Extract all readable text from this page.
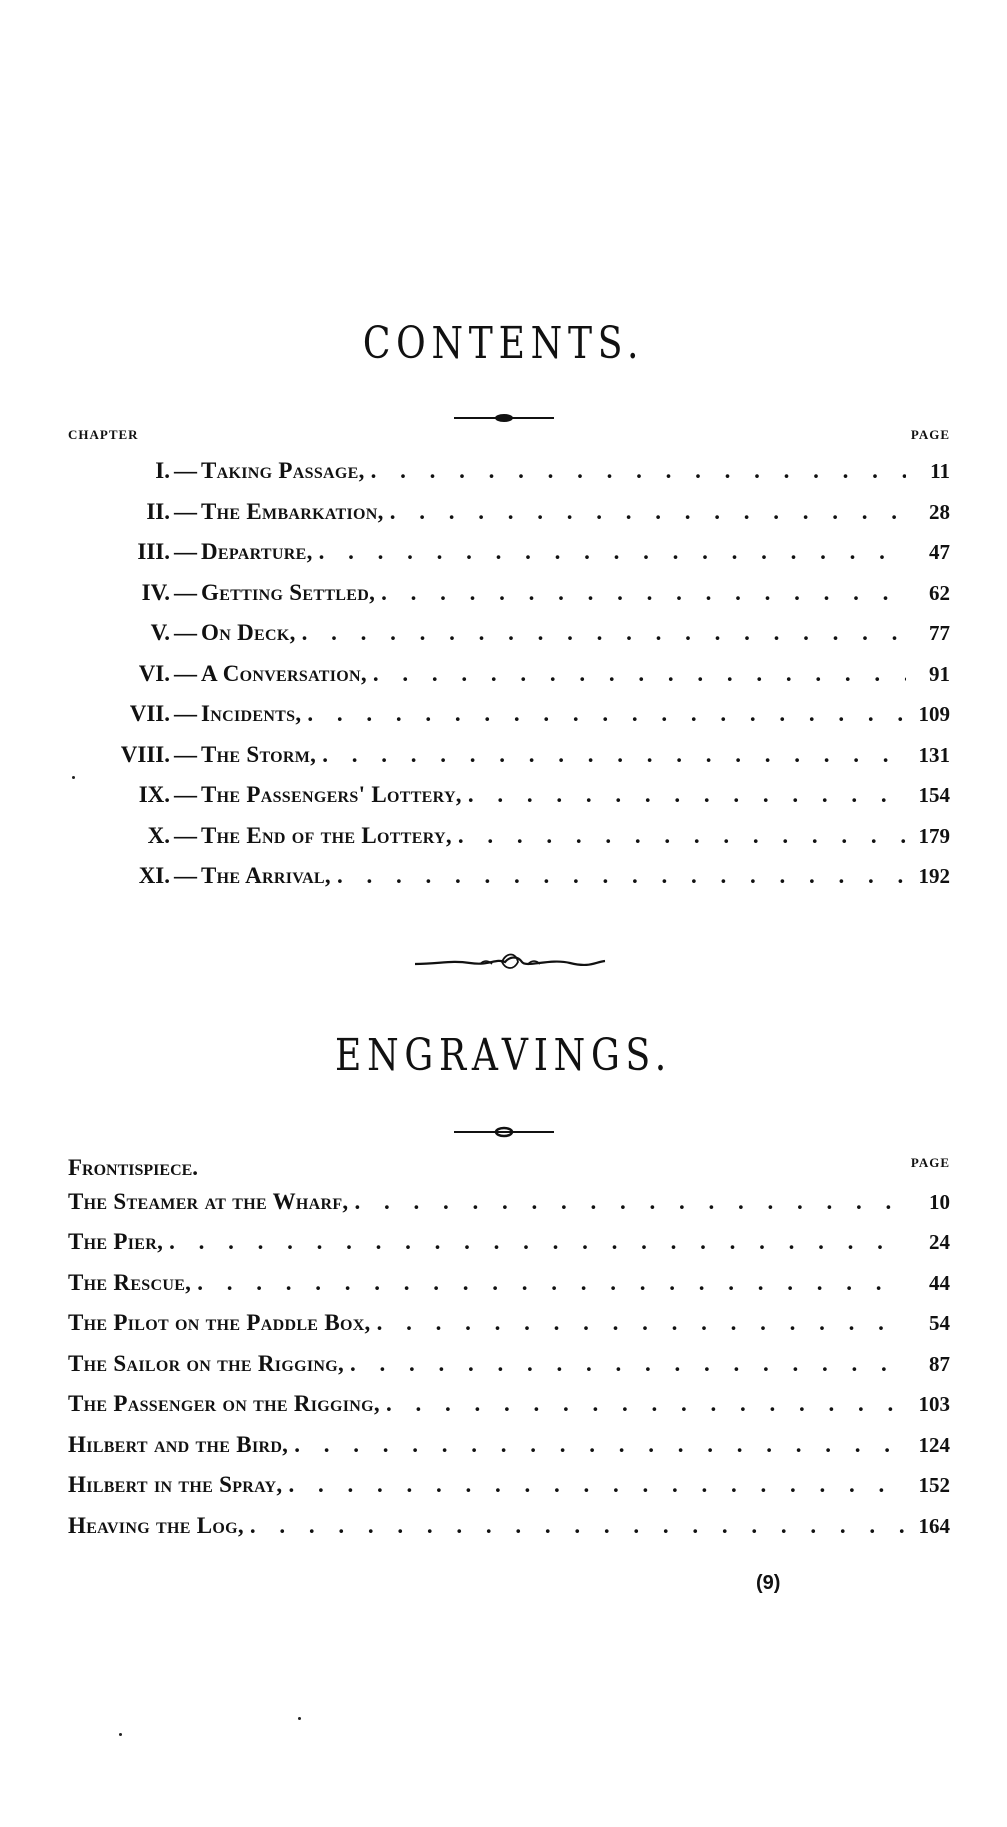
CONTENTS.
CHAPTER	PAGE
I. — Taking Passage, . . .	11
II. — The Embarkation, . . .	28
III. — Departure, . . .	47
IV. — Getting Settled, . . .	62
V. — On Deck, . . .	77
VI. — A Conversation, . . .	91
VII. — Incidents, . . .	109
VIII. — The Storm, . . .	131
IX. — The Passengers' Lottery, . . .	154
X. — The End of the Lottery, . . .	179
XI. — The Arrival, . . .	192
ENGRAVINGS.
PAGE
Frontispiece.
The Steamer at the Wharf, . . .	10
The Pier, . . .	24
The Rescue, . . .	44
The Pilot on the Paddle Box, . . .	54
The Sailor on the Rigging, . . .	87
The Passenger on the Rigging, . . .	103
Hilbert and the Bird, . . .	124
Hilbert in the Spray, . . .	152
Heaving the Log, . . .	164
(9)
